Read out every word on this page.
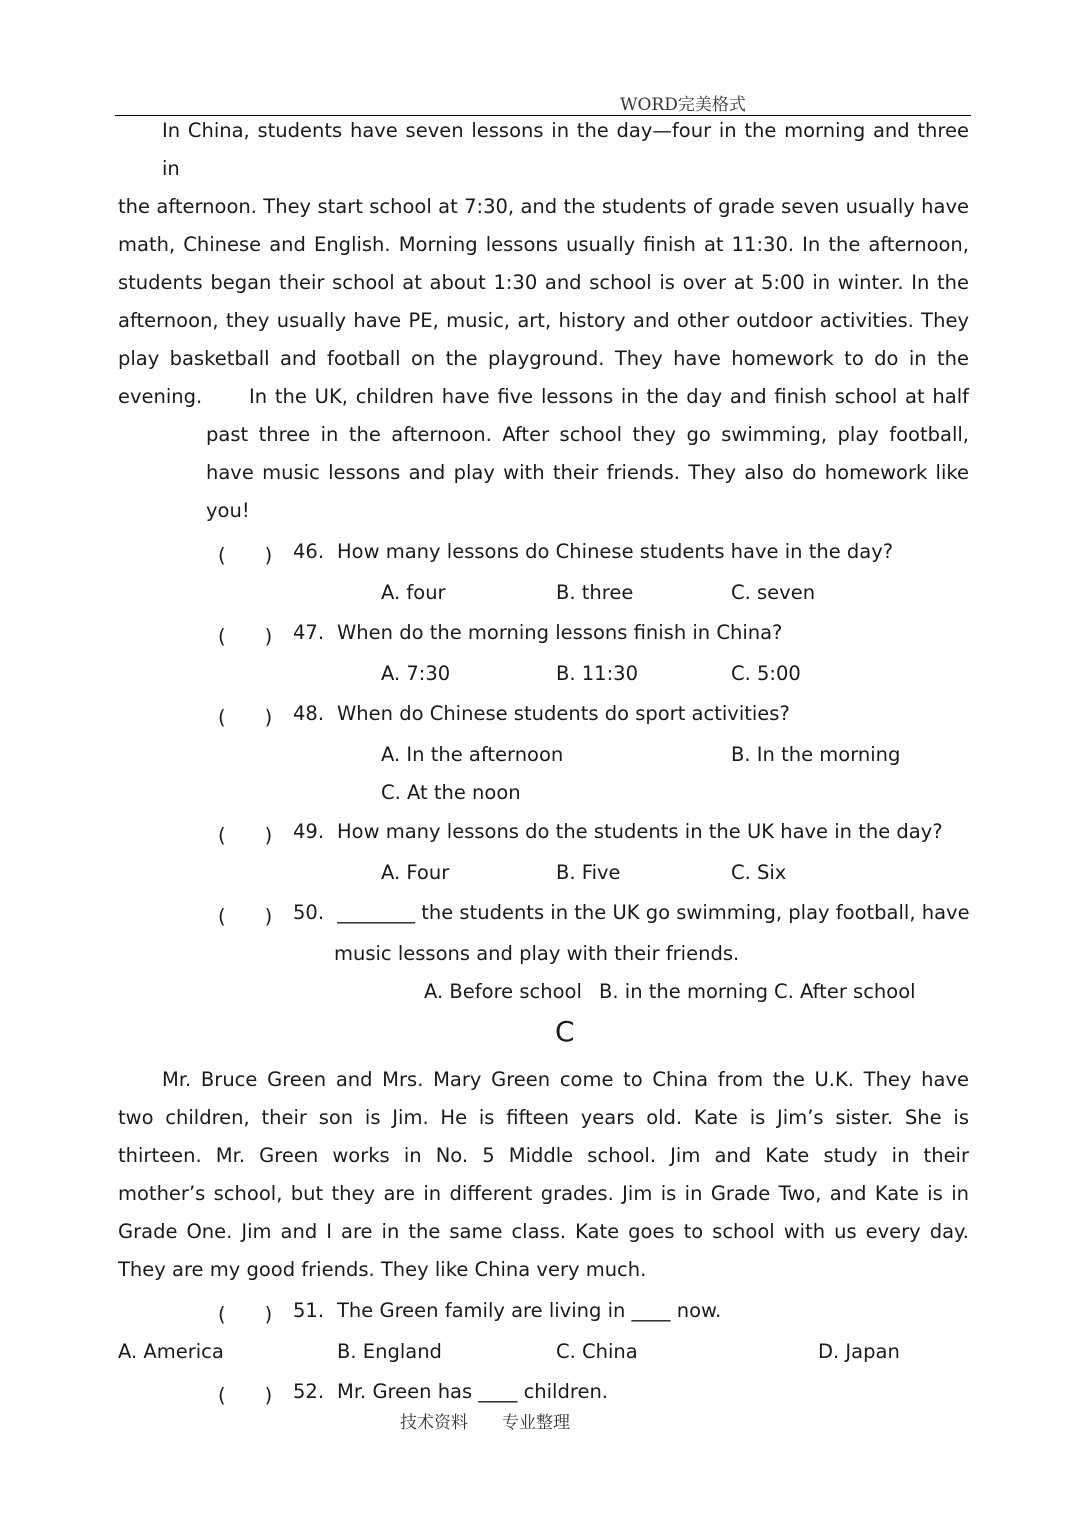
WORD完美格式
In China, students have seven lessons in the day—four in the morning and three in
the afternoon. They start school at 7:30, and the students of grade seven usually have
math, Chinese and English. Morning lessons usually finish at 11:30. In the afternoon,
students began their school at about 1:30 and school is over at 5:00 in winter. In the
afternoon, they usually have PE, music, art, history and other outdoor activities. They
play basketball and football on the playground. They have homework to do in the
evening.	In the UK, children have five lessons in the day and finish school at half
past three in the afternoon. After school they go swimming, play football,
have music lessons and play with their friends. They also do homework like
you!
(　　) 46. How many lessons do Chinese students have in the day?
A. four	B. three	C. seven
(　　) 47. When do the morning lessons finish in China?
A. 7:30	B. 11:30	C. 5:00
(　　) 48. When do Chinese students do sport activities?
A. In the afternoon	B. In the morning
C. At the noon
(　　) 49. How many lessons do the students in the UK have in the day?
A. Four	B. Five	C. Six
(　　) 50. ________ the students in the UK go swimming, play football, have
music lessons and play with their friends.
A. Before school B. in the morning C. After school
C
Mr. Bruce Green and Mrs. Mary Green come to China from the U.K. They have
two children, their son is Jim. He is fifteen years old. Kate is Jim’s sister. She is
thirteen. Mr. Green works in No. 5 Middle school. Jim and Kate study in their
mother’s school, but they are in different grades. Jim is in Grade Two, and Kate is in
Grade One. Jim and I are in the same class. Kate goes to school with us every day.
They are my good friends. They like China very much.
(　　) 51. The Green family are living in ____ now.
A. America	B. England	C. China	D. Japan
(　　) 52. Mr. Green has ____ children.
技术资料　　专业整理
